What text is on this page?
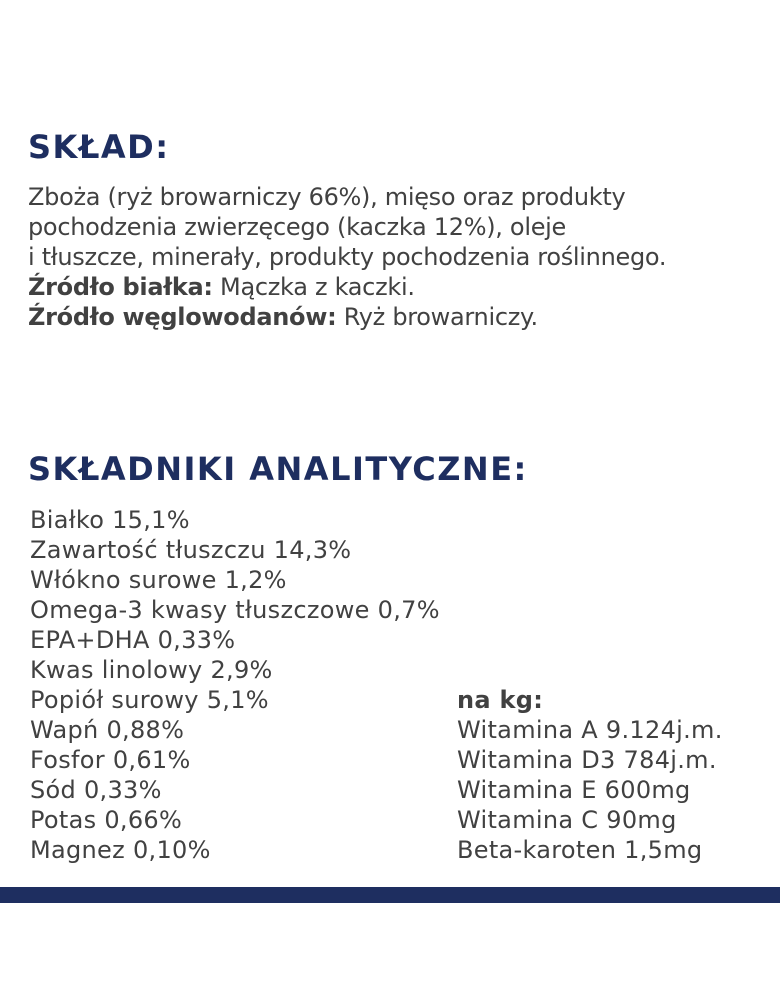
SKŁAD:

Zboża (ryż browarniczy 66%), mięso oraz produkty
pochodzenia zwierzęcego (kaczka 12%), oleje
i tłuszcze, minerały, produkty pochodzenia roślinnego.
Źródło białka: Mączka z kaczki.
Źródło węglowodanów: Ryż browarniczy.

SKŁADNIKI ANALITYCZNE:
Białko 15,1%
Zawartość tłuszczu 14,3%
Włókno surowe 1,2%
Omega-3 kwasy tłuszczowe 0,7%
EPA+DHA 0,33%
Kwas linolowy 2,9%
Popiół surowy 5,1%
Wapń 0,88%
Fosfor 0,61%
Sód 0,33%
Potas 0,66%
Magnez 0,10%
na kg:
Witamina A 9.124j.m.
Witamina D3 784j.m.
Witamina E 600mg
Witamina C 90mg
Beta-karoten 1,5mg
